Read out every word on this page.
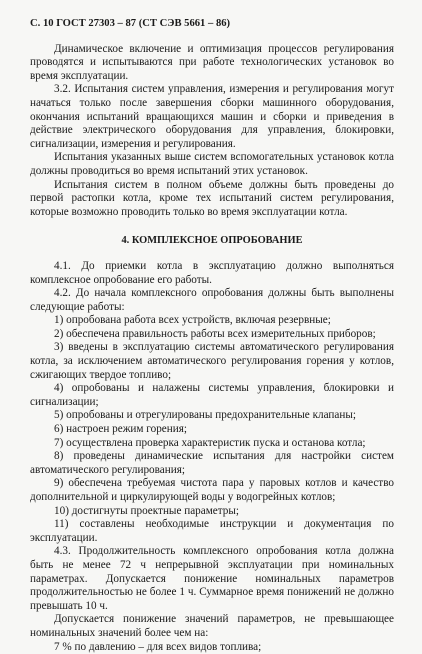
С. 10 ГОСТ 27303 – 87 (СТ СЭВ 5661 – 86)

Динамическое включение и оптимизация процессов регулирования проводятся и испытываются при работе технологических установок во время эксплуатации.

3.2. Испытания систем управления, измерения и регулирования могут начаться только после завершения сборки машинного оборудования, окончания испытаний вращающихся машин и сборки и приведения в действие электрического оборудования для управления, блокировки, сигнализации, измерения и регулирования.

Испытания указанных выше систем вспомогательных установок котла должны проводиться во время испытаний этих установок.

Испытания систем в полном объеме должны быть проведены до первой растопки котла, кроме тех испытаний систем регулирования, которые возможно проводить только во время эксплуатации котла.

4. КОМПЛЕКСНОЕ ОПРОБОВАНИЕ

4.1. До приемки котла в эксплуатацию должно выполняться комплексное опробование его работы.

4.2. До начала комплексного опробования должны быть выполнены следующие работы:

1) опробована работа всех устройств, включая резервные;

2) обеспечена правильность работы всех измерительных приборов;

3) введены в эксплуатацию системы автоматического регулирования котла, за исключением автоматического регулирования горения у котлов, сжигающих твердое топливо;

4) опробованы и налажены системы управления, блокировки и сигнализации;

5) опробованы и отрегулированы предохранительные клапаны;

6) настроен режим горения;

7) осуществлена проверка характеристик пуска и останова котла;

8) проведены динамические испытания для настройки систем автоматического регулирования;

9) обеспечена требуемая чистота пара у паровых котлов и качество дополнительной и циркулирующей воды у водогрейных котлов;

10) достигнуты проектные параметры;

11) составлены необходимые инструкции и документация по эксплуатации.

4.3. Продолжительность комплексного опробования котла должна быть не менее 72 ч непрерывной эксплуатации при номинальных параметрах. Допускается понижение номинальных параметров продолжительностью не более 1 ч. Суммарное время понижений не должно превышать 10 ч.

Допускается понижение значений параметров, не превышающее номинальных значений более чем на:

7 % по давлению – для всех видов топлива;
